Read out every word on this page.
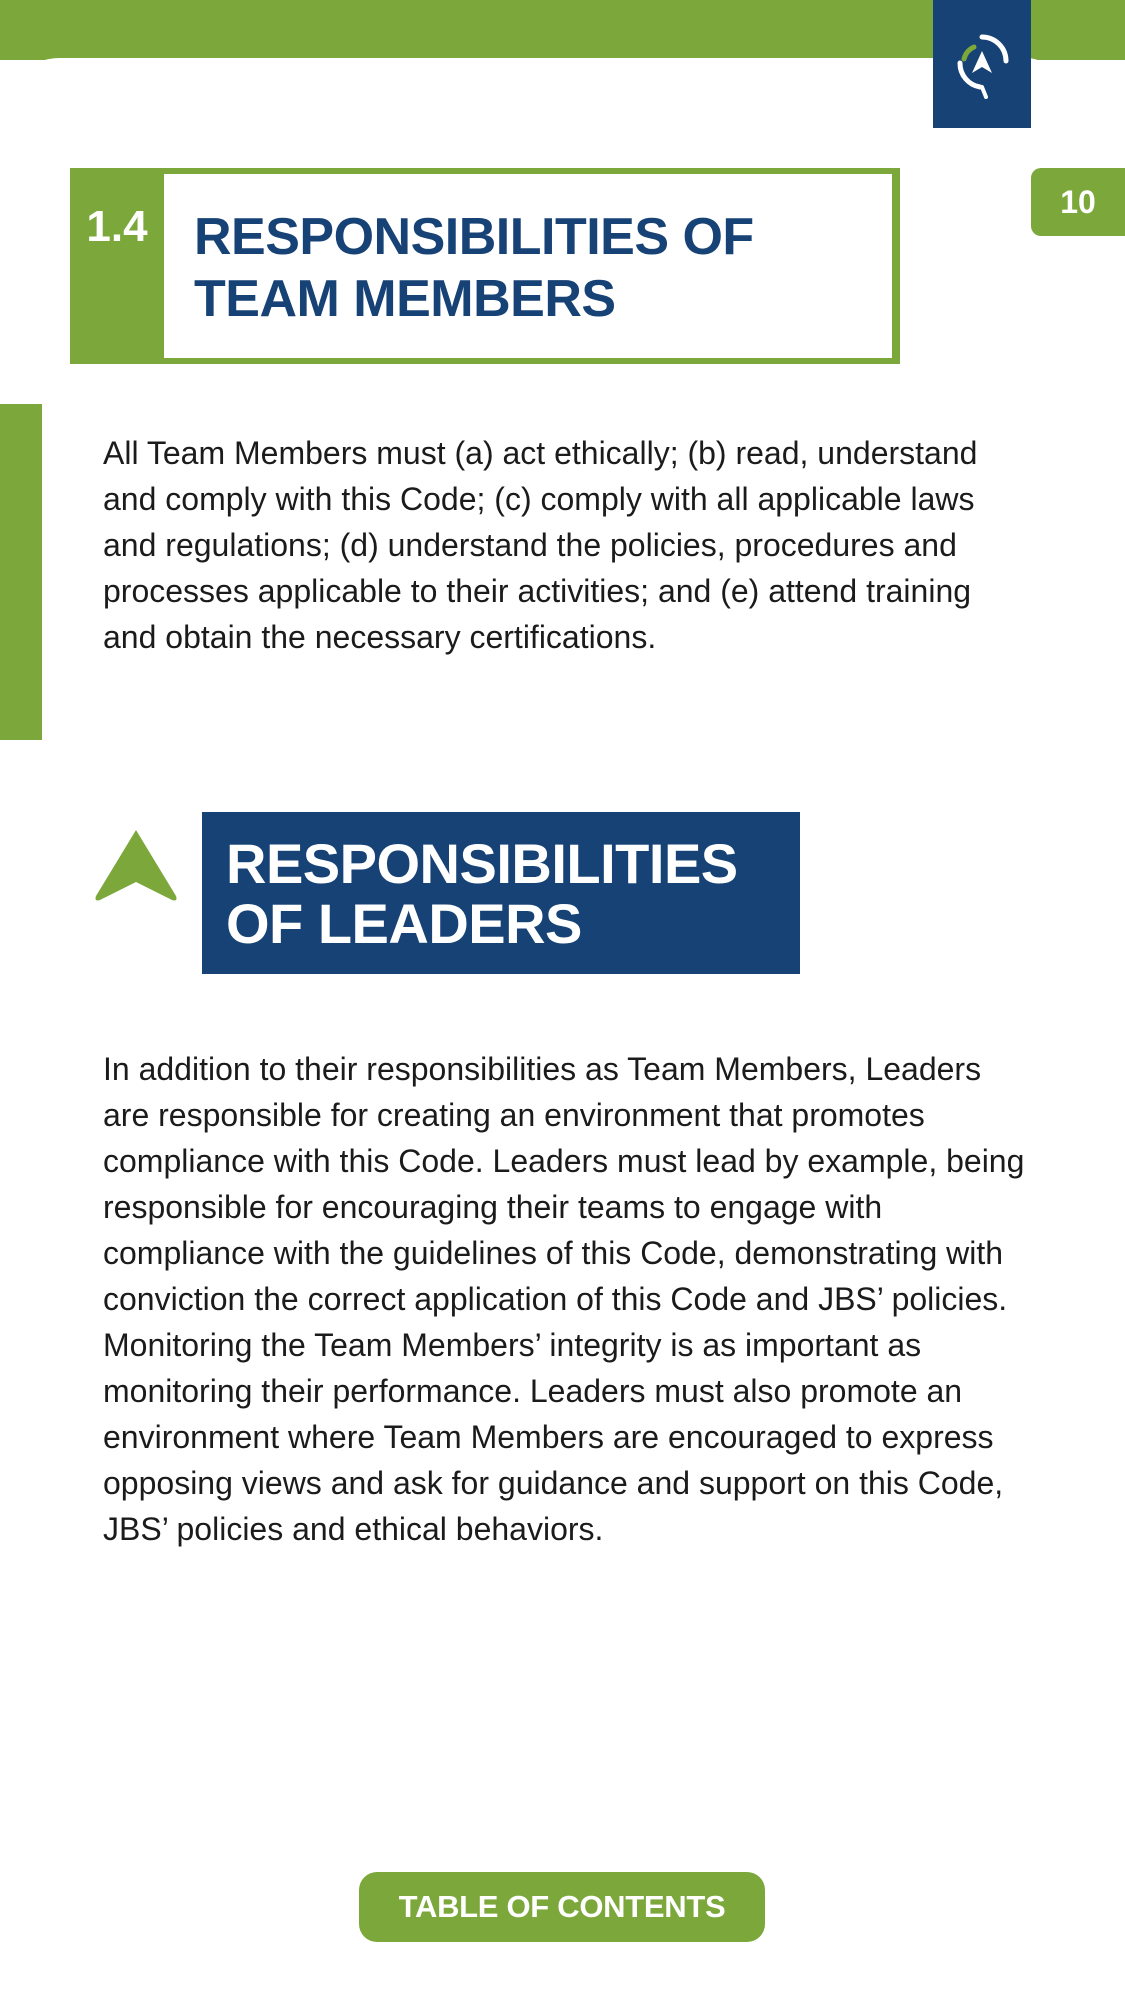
10
1.4 RESPONSIBILITIES OF
TEAM MEMBERS

All Team Members must (a) act ethically; (b) read, understand and comply with this Code; (c) comply with all applicable laws and regulations; (d) understand the policies, procedures and processes applicable to their activities; and (e) attend training and obtain the necessary certifications.

RESPONSIBILITIES
OF LEADERS

In addition to their responsibilities as Team Members, Leaders are responsible for creating an environment that promotes compliance with this Code. Leaders must lead by example, being responsible for encouraging their teams to engage with compliance with the guidelines of this Code, demonstrating with conviction the correct application of this Code and JBS’ policies. Monitoring the Team Members’ integrity is as important as monitoring their performance. Leaders must also promote an environment where Team Members are encouraged to express opposing views and ask for guidance and support on this Code, JBS’ policies and ethical behaviors.

TABLE OF CONTENTS
